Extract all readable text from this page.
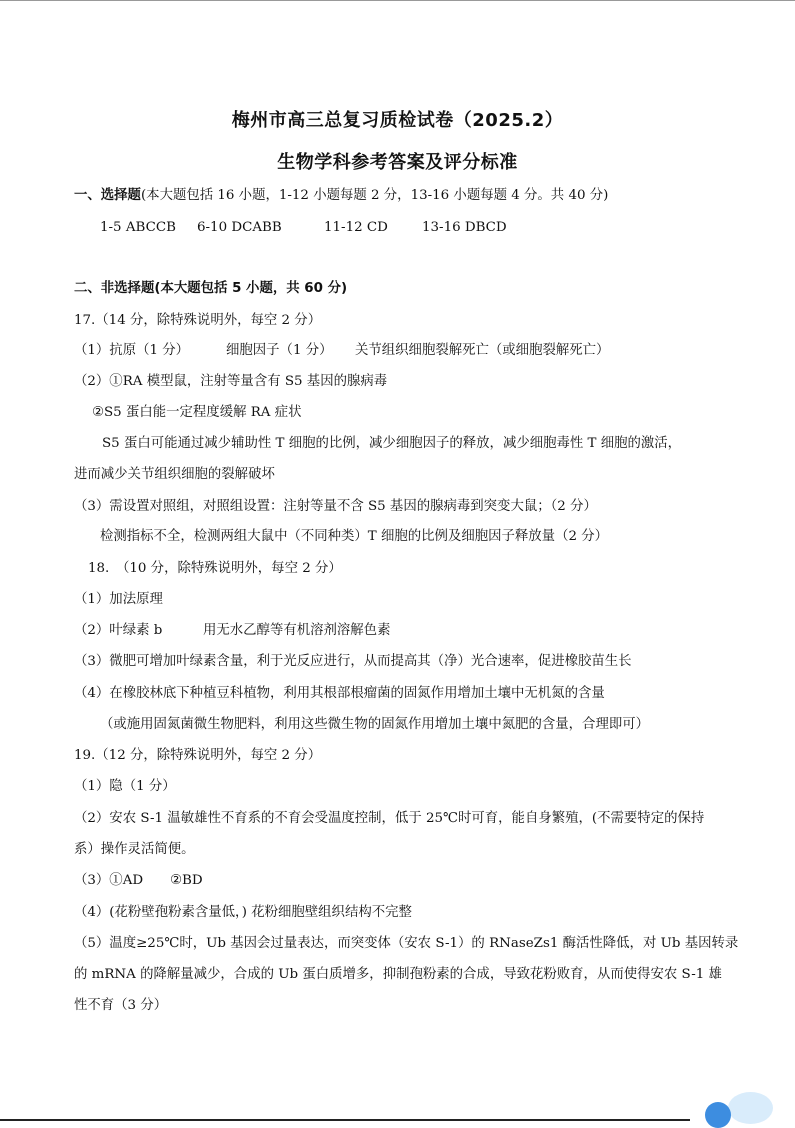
梅州市高三总复习质检试卷（2025.2）
生物学科参考答案及评分标准
一、选择题(本大题包括 16 小题，1-12 小题每题 2 分，13-16 小题每题 4 分。共 40 分)
1-5 ABCCB 6-10 DCABB	11-12 CD	13-16 DBCD
二、非选择题(本大题包括 5 小题，共 60 分)
17.（14 分，除特殊说明外，每空 2 分）
（1）抗原（1 分）	细胞因子（1 分） 关节组织细胞裂解死亡（或细胞裂解死亡）
（2）①RA 模型鼠，注射等量含有 S5 基因的腺病毒
②S5 蛋白能一定程度缓解 RA 症状
S5 蛋白可能通过减少辅助性 T 细胞的比例，减少细胞因子的释放，减少细胞毒性 T 细胞的激活，
进而减少关节组织细胞的裂解破坏
（3）需设置对照组，对照组设置：注射等量不含 S5 基因的腺病毒到突变大鼠；（2 分）
检测指标不全，检测两组大鼠中（不同种类）T 细胞的比例及细胞因子释放量（2 分）
18.　（10 分，除特殊说明外，每空 2 分）
（1）加法原理
（2）叶绿素 b	用无水乙醇等有机溶剂溶解色素
（3）微肥可增加叶绿素含量，利于光反应进行，从而提高其（净）光合速率，促进橡胶苗生长
（4）在橡胶林底下种植豆科植物，利用其根部根瘤菌的固氮作用增加土壤中无机氮的含量
（或施用固氮菌微生物肥料，利用这些微生物的固氮作用增加土壤中氮肥的含量，合理即可）
19.（12 分，除特殊说明外，每空 2 分）
（1）隐（1 分）
（2）安农 S-1 温敏雄性不育系的不育会受温度控制，低于 25℃时可育，能自身繁殖，(不需要特定的保持
系）操作灵活简便。
（3）①AD ②BD
（4）(花粉壁孢粉素含量低，) 花粉细胞壁组织结构不完整
（5）温度≥25℃时，Ub 基因会过量表达，而突变体（安农 S-1）的 RNaseZs1 酶活性降低，对 Ub 基因转录
的 mRNA 的降解量减少，合成的 Ub 蛋白质增多，抑制孢粉素的合成，导致花粉败育，从而使得安农 S-1 雄
性不育（3 分）
